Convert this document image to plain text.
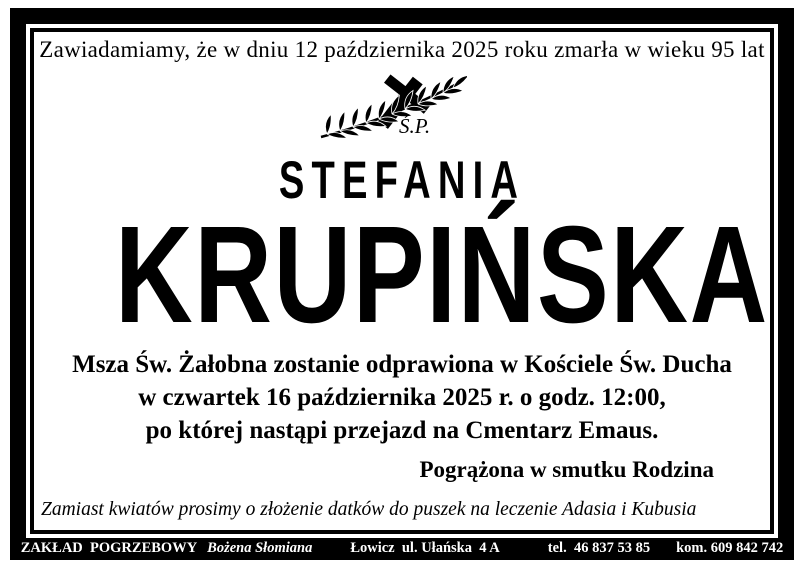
Zawiadamiamy, że w dniu 12 października 2025 roku zmarła w wieku 95 lat
Ś.P.
STEFANIA
KRUPIŃSKA
Msza Św. Żałobna zostanie odprawiona w Kościele Św. Ducha
w czwartek 16 października 2025 r. o godz. 12:00,
po której nastąpi przejazd na Cmentarz Emaus.
Pogrążona w smutku Rodzina
Zamiast kwiatów prosimy o złożenie datków do puszek na leczenie Adasia i Kubusia
ZAKŁAD  POGRZEBOWY Bożena Słomiana	Łowicz  ul. Ułańska  4 A	tel.  46 837 53 85 kom. 609 842 742
